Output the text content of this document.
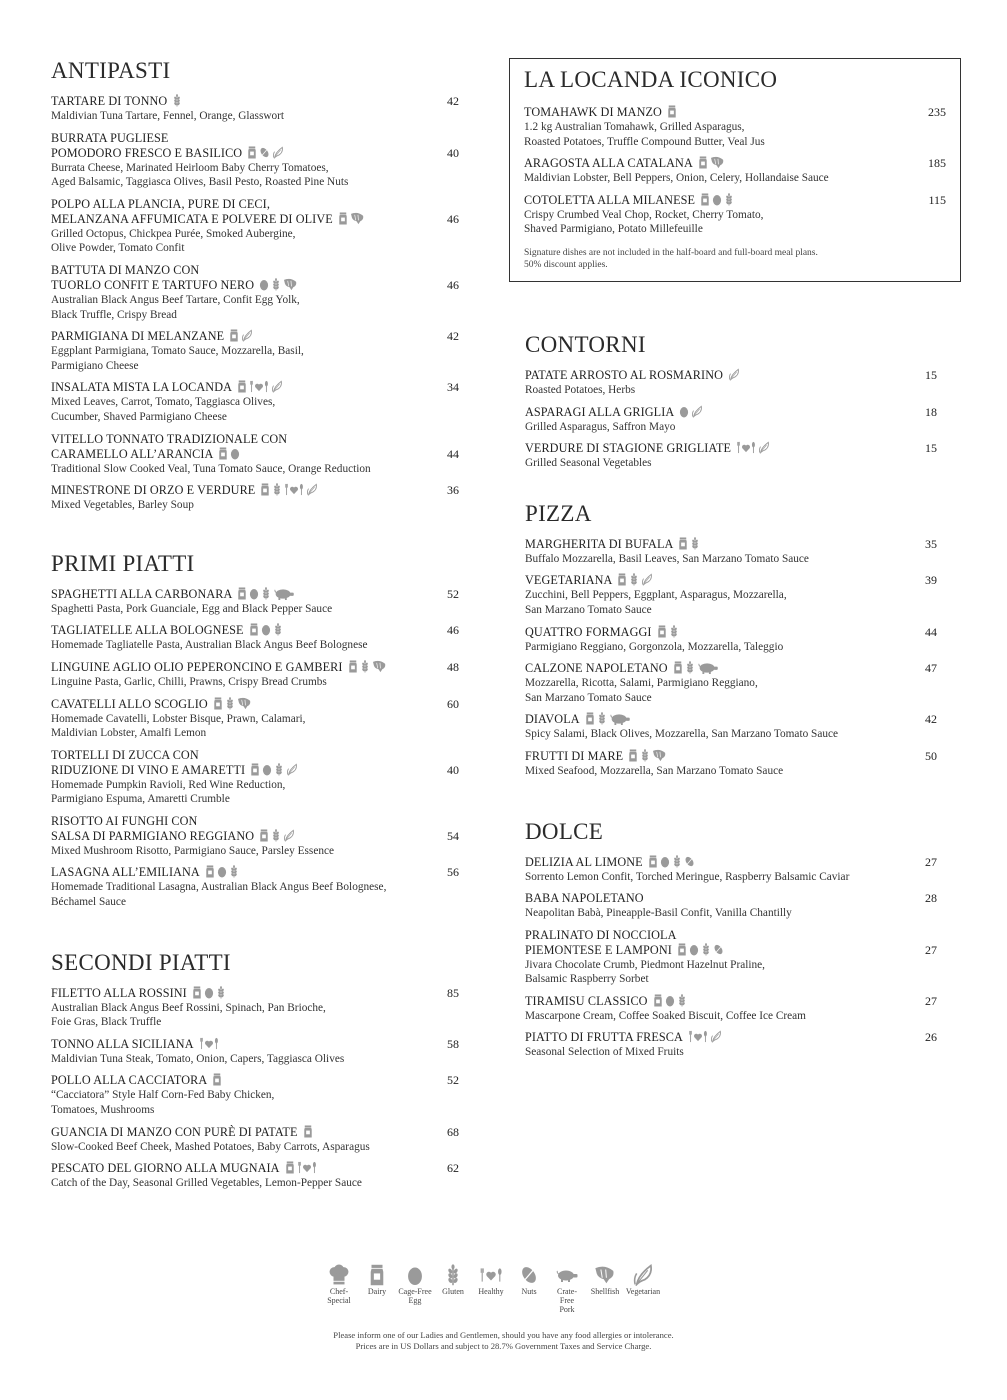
ANTIPASTI
TARTARE DI TONNO	42
Maldivian Tuna Tartare, Fennel, Orange, Glasswort
BURRATA PUGLIESE
POMODORO FRESCO E BASILICO	40
Burrata Cheese, Marinated Heirloom Baby Cherry Tomatoes,
Aged Balsamic, Taggiasca Olives, Basil Pesto, Roasted Pine Nuts
POLPO ALLA PLANCIA, PURE DI CECI,
MELANZANA AFFUMICATA E POLVERE DI OLIVE	46
Grilled Octopus, Chickpea Purée, Smoked Aubergine,
Olive Powder, Tomato Confit
BATTUTA DI MANZO CON
TUORLO CONFIT E TARTUFO NERO	46
Australian Black Angus Beef Tartare, Confit Egg Yolk,
Black Truffle, Crispy Bread
PARMIGIANA DI MELANZANE	42
Eggplant Parmigiana, Tomato Sauce, Mozzarella, Basil,
Parmigiano Cheese
INSALATA MISTA LA LOCANDA	34
Mixed Leaves, Carrot, Tomato, Taggiasca Olives,
Cucumber, Shaved Parmigiano Cheese
VITELLO TONNATO TRADIZIONALE CON
CARAMELLO ALL’ARANCIA	44
Traditional Slow Cooked Veal, Tuna Tomato Sauce, Orange Reduction
MINESTRONE DI ORZO E VERDURE	36
Mixed Vegetables, Barley Soup
PRIMI PIATTI
SPAGHETTI ALLA CARBONARA	52
Spaghetti Pasta, Pork Guanciale, Egg and Black Pepper Sauce
TAGLIATELLE ALLA BOLOGNESE	46
Homemade Tagliatelle Pasta, Australian Black Angus Beef Bolognese
LINGUINE AGLIO OLIO PEPERONCINO E GAMBERI	48
Linguine Pasta, Garlic, Chilli, Prawns, Crispy Bread Crumbs
CAVATELLI ALLO SCOGLIO	60
Homemade Cavatelli, Lobster Bisque, Prawn, Calamari,
Maldivian Lobster, Amalfi Lemon
TORTELLI DI ZUCCA CON
RIDUZIONE DI VINO E AMARETTI	40
Homemade Pumpkin Ravioli, Red Wine Reduction,
Parmigiano Espuma, Amaretti Crumble
RISOTTO AI FUNGHI CON
SALSA DI PARMIGIANO REGGIANO	54
Mixed Mushroom Risotto, Parmigiano Sauce, Parsley Essence
LASAGNA ALL’EMILIANA	56
Homemade Traditional Lasagna, Australian Black Angus Beef Bolognese,
Béchamel Sauce
SECONDI PIATTI
FILETTO ALLA ROSSINI	85
Australian Black Angus Beef Rossini, Spinach, Pan Brioche,
Foie Gras, Black Truffle
TONNO ALLA SICILIANA	58
Maldivian Tuna Steak, Tomato, Onion, Capers, Taggiasca Olives
POLLO ALLA CACCIATORA	52
“Cacciatora” Style Half Corn-Fed Baby Chicken,
Tomatoes, Mushrooms
GUANCIA DI MANZO CON PURÈ DI PATATE	68
Slow-Cooked Beef Cheek, Mashed Potatoes, Baby Carrots, Asparagus
PESCATO DEL GIORNO ALLA MUGNAIA	62
Catch of the Day, Seasonal Grilled Vegetables, Lemon-Pepper Sauce
LA LOCANDA ICONICO
TOMAHAWK DI MANZO	235
1.2 kg Australian Tomahawk, Grilled Asparagus,
Roasted Potatoes, Truffle Compound Butter, Veal Jus
ARAGOSTA ALLA CATALANA	185
Maldivian Lobster, Bell Peppers, Onion, Celery, Hollandaise Sauce
COTOLETTA ALLA MILANESE	115
Crispy Crumbed Veal Chop, Rocket, Cherry Tomato,
Shaved Parmigiano, Potato Millefeuille
Signature dishes are not included in the half-board and full-board meal plans.
50% discount applies.
CONTORNI
PATATE ARROSTO AL ROSMARINO	15
Roasted Potatoes, Herbs
ASPARAGI ALLA GRIGLIA	18
Grilled Asparagus, Saffron Mayo
VERDURE DI STAGIONE GRIGLIATE	15
Grilled Seasonal Vegetables
PIZZA
MARGHERITA DI BUFALA	35
Buffalo Mozzarella, Basil Leaves, San Marzano Tomato Sauce
VEGETARIANA	39
Zucchini, Bell Peppers, Eggplant, Asparagus, Mozzarella,
San Marzano Tomato Sauce
QUATTRO FORMAGGI	44
Parmigiano Reggiano, Gorgonzola, Mozzarella, Taleggio
CALZONE NAPOLETANO	47
Mozzarella, Ricotta, Salami, Parmigiano Reggiano,
San Marzano Tomato Sauce
DIAVOLA	42
Spicy Salami, Black Olives, Mozzarella, San Marzano Tomato Sauce
FRUTTI DI MARE	50
Mixed Seafood, Mozzarella, San Marzano Tomato Sauce
DOLCE
DELIZIA AL LIMONE	27
Sorrento Lemon Confit, Torched Meringue, Raspberry Balsamic Caviar
BABA NAPOLETANO	28
Neapolitan Babà, Pineapple-Basil Confit, Vanilla Chantilly
PRALINATO DI NOCCIOLA
PIEMONTESE E LAMPONI	27
Jivara Chocolate Crumb, Piedmont Hazelnut Praline,
Balsamic Raspberry Sorbet
TIRAMISU CLASSICO	27
Mascarpone Cream, Coffee Soaked Biscuit, Coffee Ice Cream
PIATTO DI FRUTTA FRESCA	26
Seasonal Selection of Mixed Fruits
Chef-Special
Dairy Cage-Free
Egg
Gluten Healthy Nuts	Crate-Free
Pork
Shellfish Vegetarian
Please inform one of our Ladies and Gentlemen, should you have any food allergies or intolerance.
Prices are in US Dollars and subject to 28.7% Government Taxes and Service Charge.
